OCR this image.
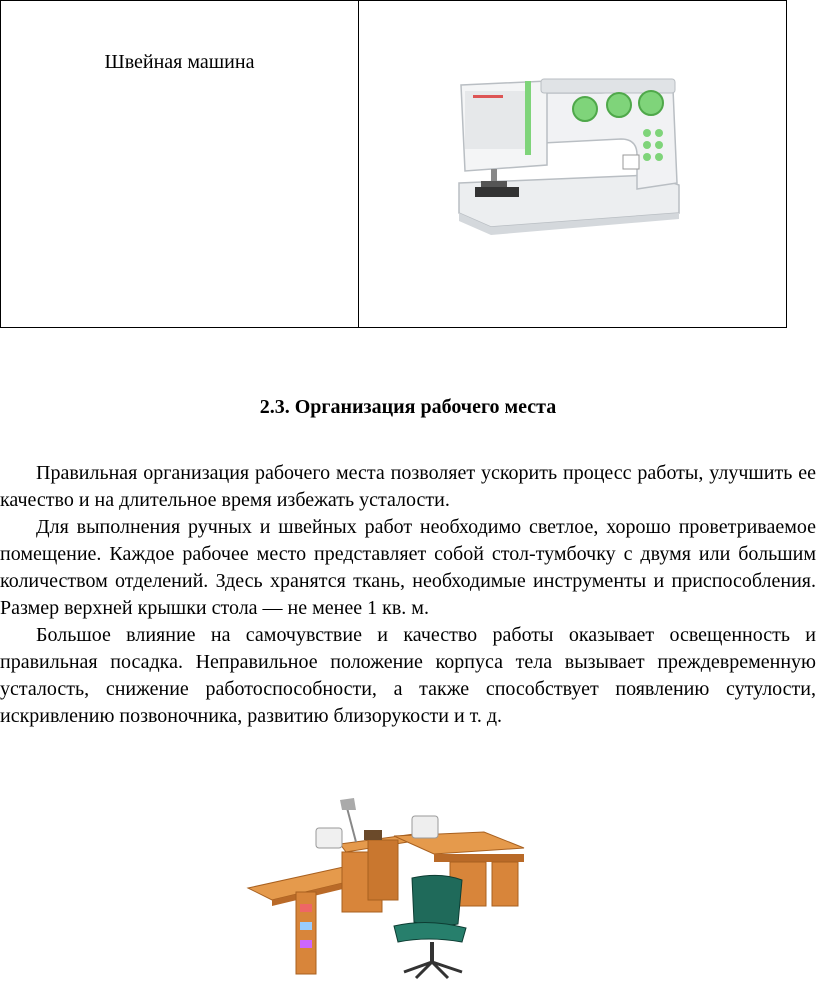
Швейная машина
2.3. Организация рабочего места

Правильная организация рабочего места позволяет ускорить процесс работы, улучшить ее качество и на длительное время избежать усталости.

Для выполнения ручных и швейных работ необходимо светлое, хорошо проветриваемое помещение. Каждое рабочее место представляет собой стол-тумбочку с двумя или большим количеством отделений. Здесь хранятся ткань, необходимые инструменты и приспособления. Размер верхней крышки стола — не менее 1 кв. м.

Большое влияние на самочувствие и качество работы оказывает освещенность и правильная посадка. Неправильное положение корпуса тела вызывает преждевременную усталость, снижение работоспособности, а также способствует появлению сутулости, искривлению позвоночника, развитию близорукости и т. д.
